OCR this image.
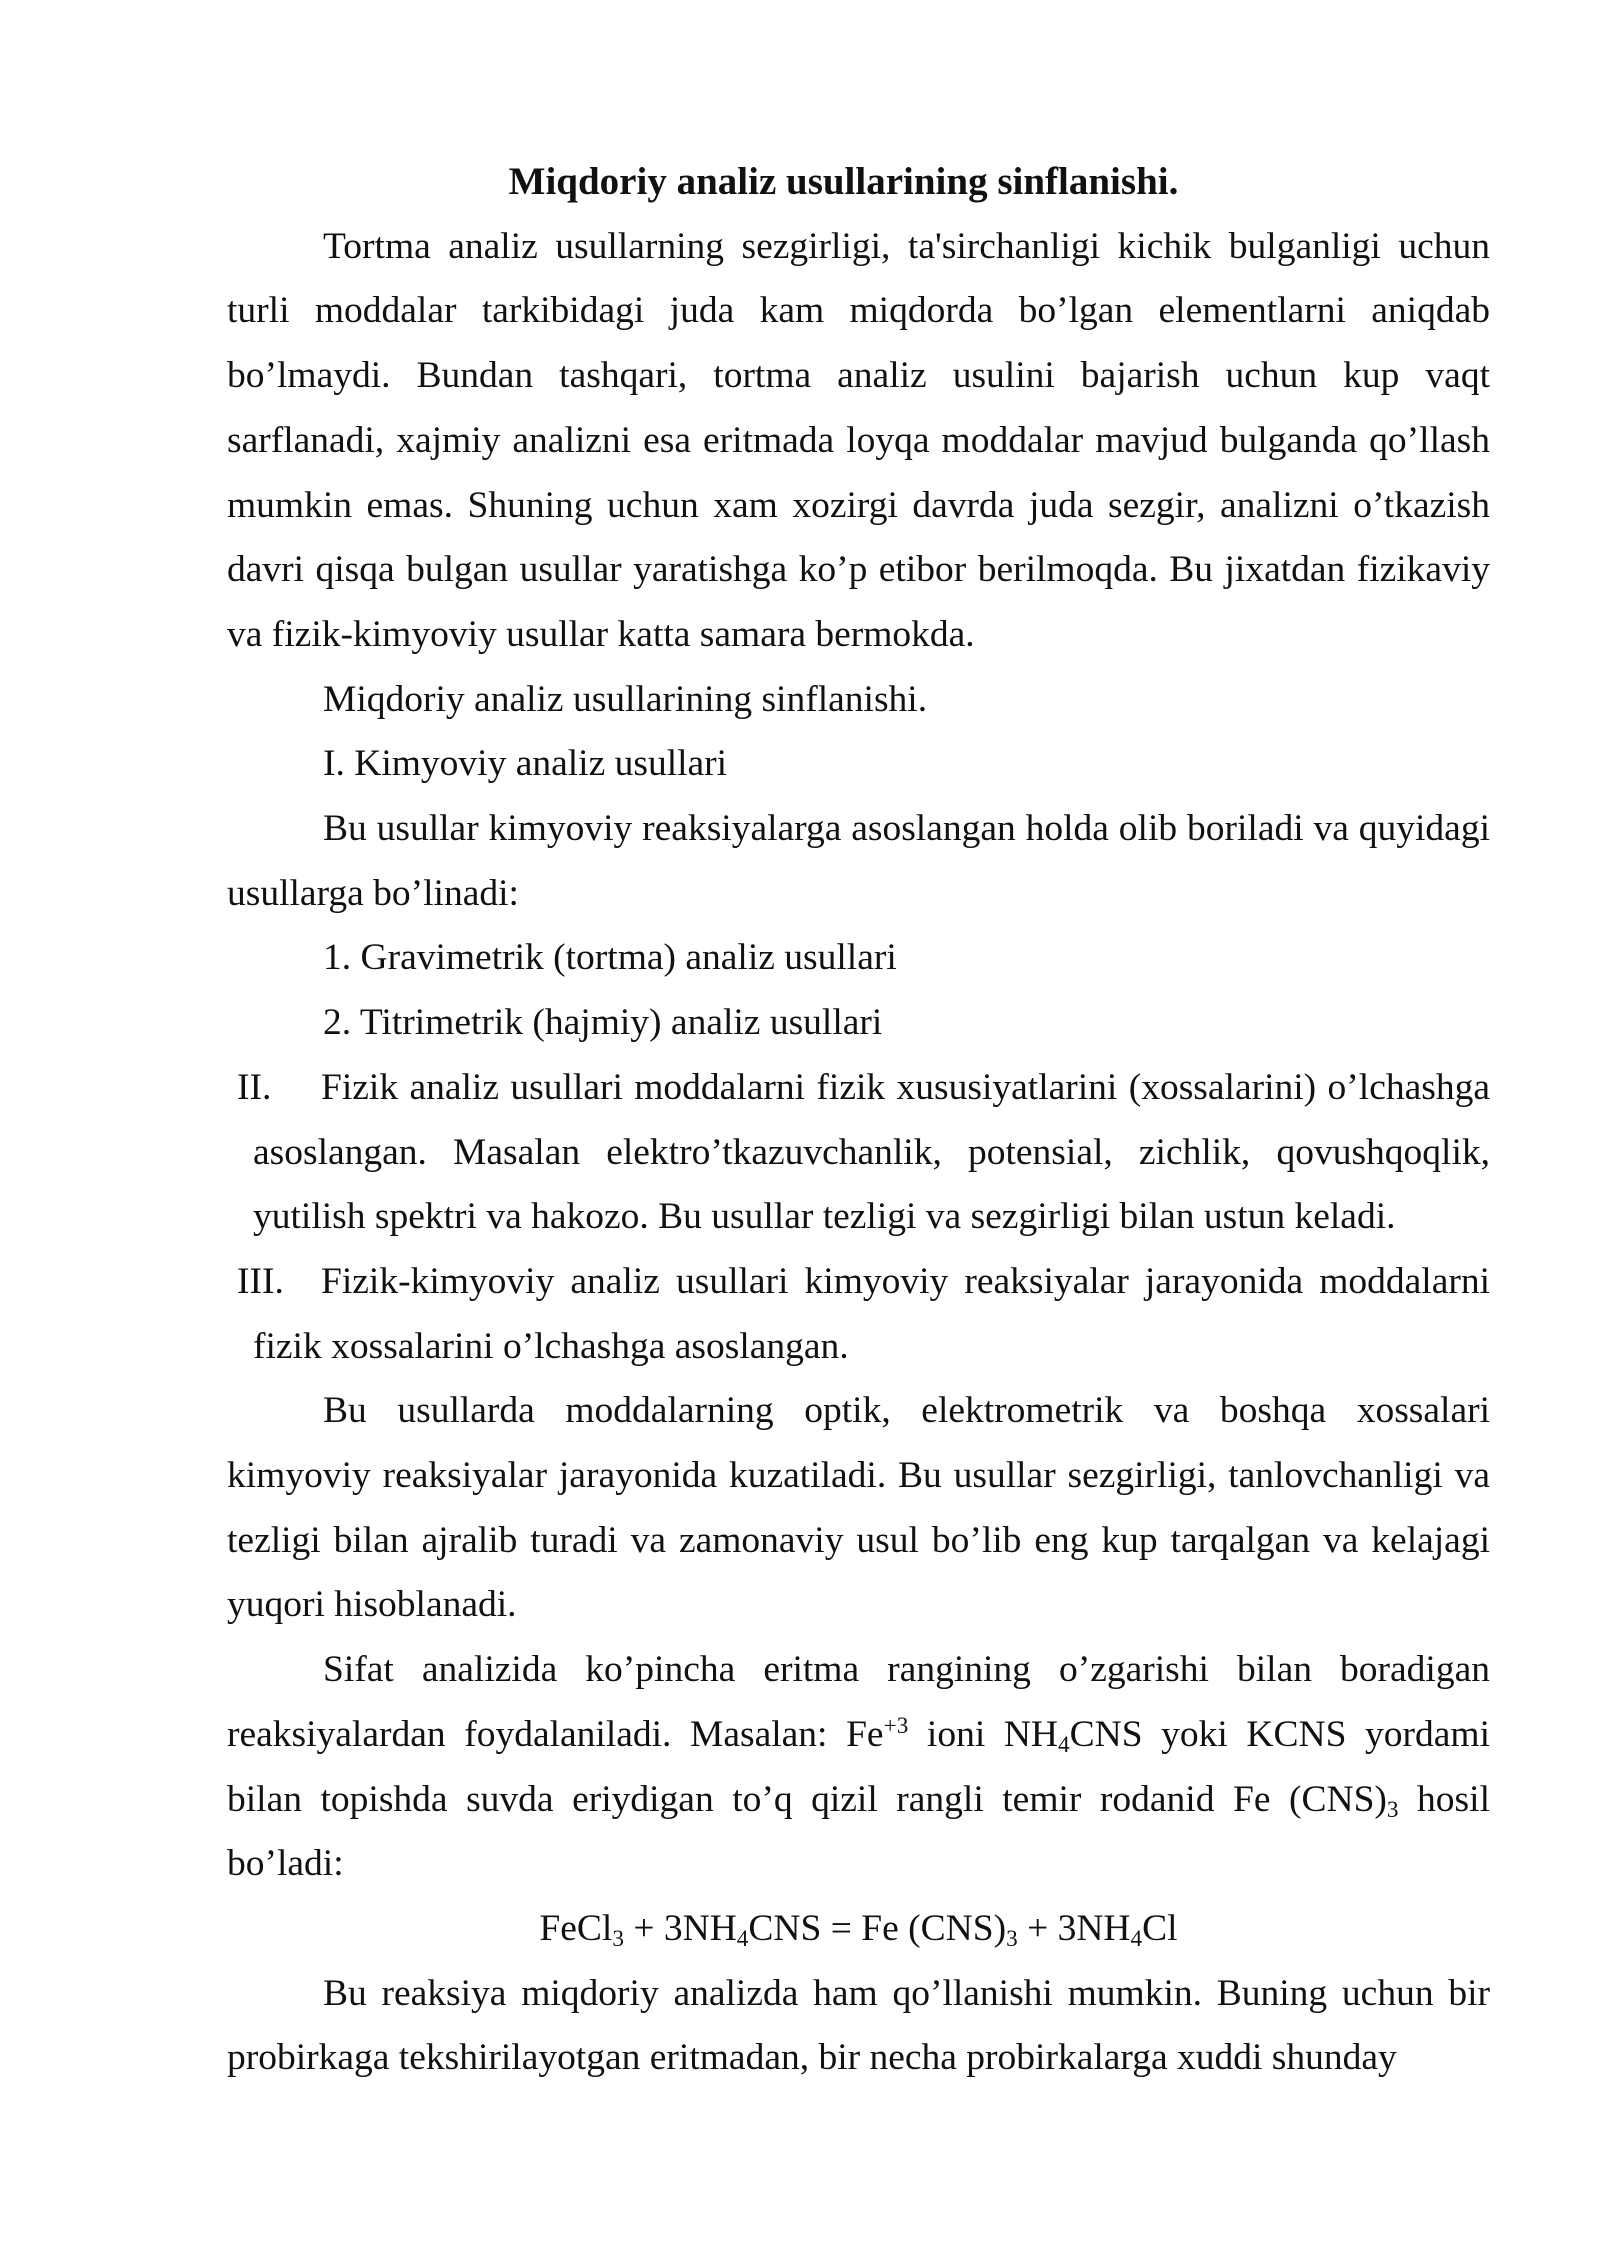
Miqdoriy analiz usullarining sinflanishi.

Tortma analiz usullarning sezgirligi, ta'sirchanligi kichik bulganligi uchun turli moddalar tarkibidagi juda kam miqdorda bo’lgan elementlarni aniqdab bo’lmaydi. Bundan tashqari, tortma analiz usulini bajarish uchun kup vaqt sarflanadi, xajmiy analizni esa eritmada loyqa moddalar mavjud bulganda qo’llash mumkin emas. Shuning uchun xam xozirgi davrda juda sezgir, analizni o’tkazish davri qisqa bulgan usullar yaratishga ko’p etibor berilmoqda. Bu jixatdan fizikaviy va fizik-kimyoviy usullar katta samara bermokda.

Miqdoriy analiz usullarining sinflanishi.

I. Kimyoviy analiz usullari

Bu usullar kimyoviy reaksiyalarga asoslangan holda olib boriladi va quyidagi usullarga bo’linadi:

1. Gravimetrik (tortma) analiz usullari

2. Titrimetrik (hajmiy) analiz usullari

II. Fizik analiz usullari moddalarni fizik xususiyatlarini (xossalarini) o’lchashga asoslangan. Masalan elektro’tkazuvchanlik, potensial, zichlik, qovushqoqlik, yutilish spektri va hakozo. Bu usullar tezligi va sezgirligi bilan ustun keladi.

III. Fizik-kimyoviy analiz usullari kimyoviy reaksiyalar jarayonida moddalarni fizik xossalarini o’lchashga asoslangan.

Bu usullarda moddalarning optik, elektrometrik va boshqa xossalari kimyoviy reaksiyalar jarayonida kuzatiladi. Bu usullar sezgirligi, tanlovchanligi va tezligi bilan ajralib turadi va zamonaviy usul bo’lib eng kup tarqalgan va kelajagi yuqori hisoblanadi.

Sifat analizida ko’pincha eritma rangining o’zgarishi bilan boradigan reaksiyalardan foydalaniladi. Masalan: $Fe^{+3}$ ioni $NH_4CNS$ yoki KCNS yordami bilan topishda suvda eriydigan to’q qizil rangli temir rodanid Fe $(CNS)_3$ hosil bo’ladi:

FeCl$_3$ + $3NH_4CNS = Fe$ $(CNS)_3 + 3NH_4Cl$

Bu reaksiya miqdoriy analizda ham qo’llanishi mumkin. Buning uchun bir probirkaga tekshirilayotgan eritmadan, bir necha probirkalarga xuddi shunday
